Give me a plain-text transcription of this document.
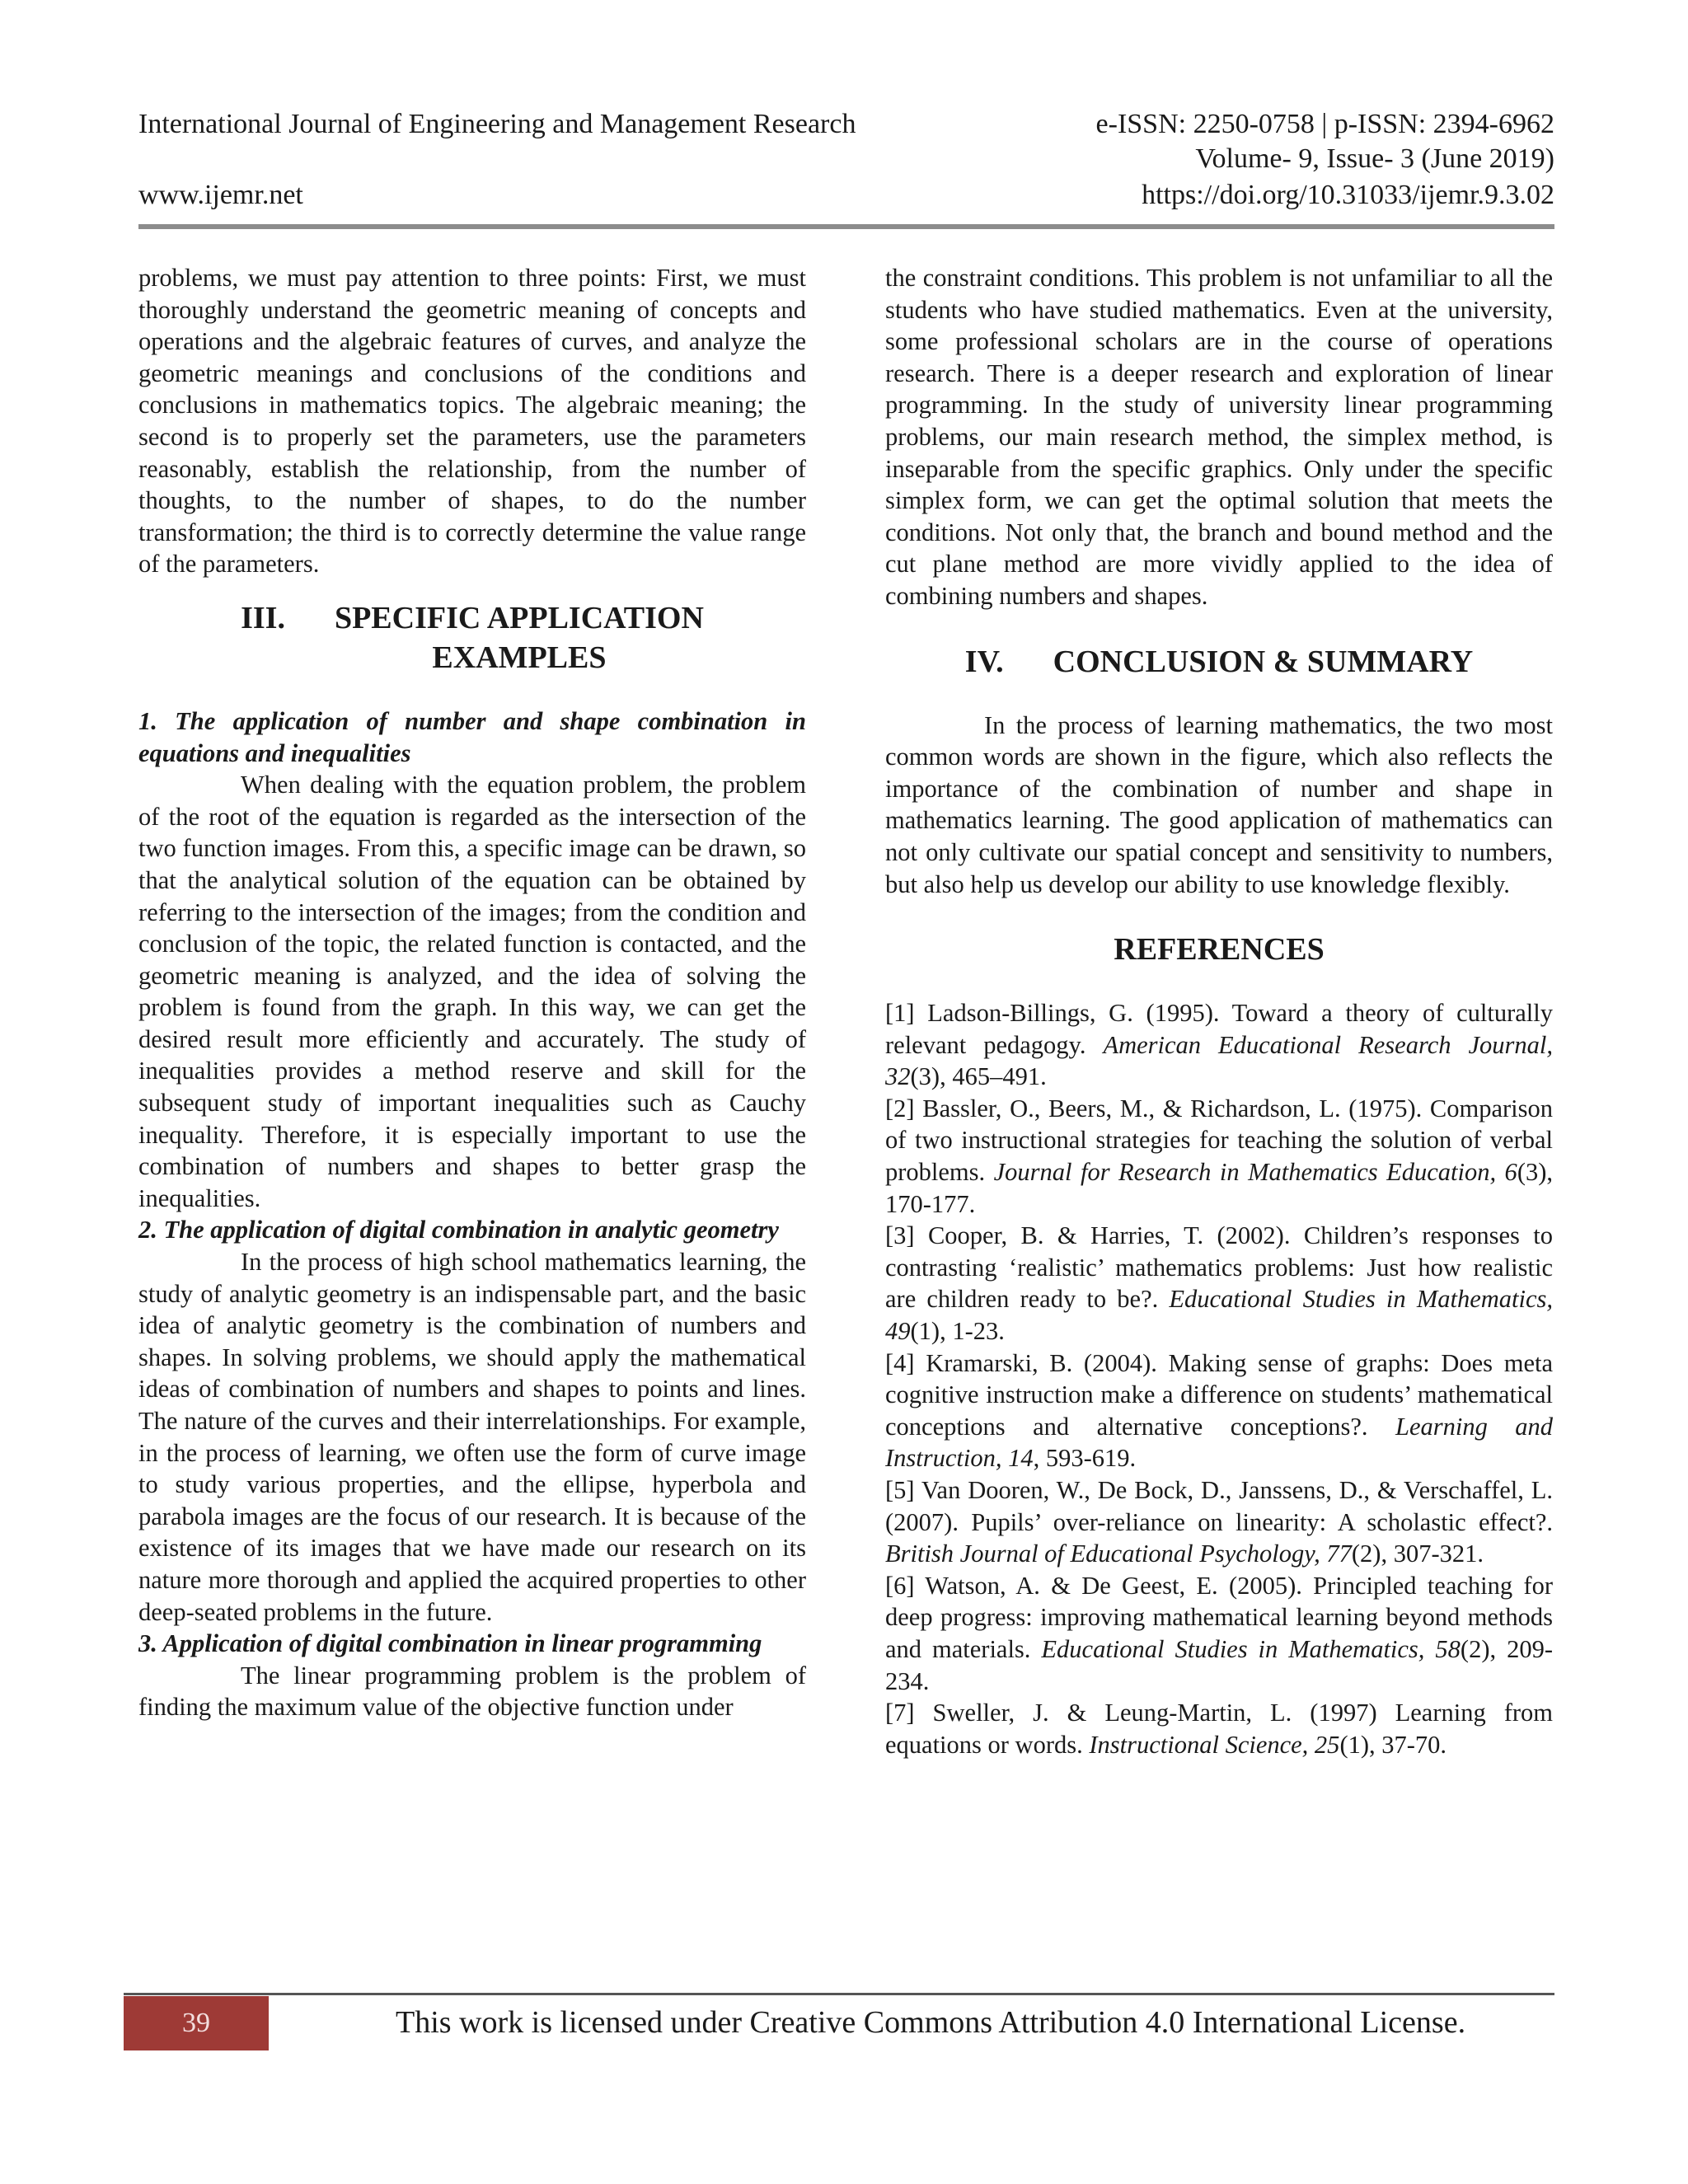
International Journal of Engineering and Management Research	e-ISSN: 2250-0758 | p-ISSN: 2394-6962
Volume- 9, Issue- 3 (June 2019)
www.ijemr.net	https://doi.org/10.31033/ijemr.9.3.02

problems, we must pay attention to three points: First, we must thoroughly understand the geometric meaning of concepts and operations and the algebraic features of curves, and analyze the geometric meanings and conclusions of the conditions and conclusions in mathematics topics. The algebraic meaning; the second is to properly set the parameters, use the parameters reasonably, establish the relationship, from the number of thoughts, to the number of shapes, to do the number transformation; the third is to correctly determine the value range of the parameters.

III. SPECIFIC APPLICATION
EXAMPLES

1. The application of number and shape combination in equations and inequalities

When dealing with the equation problem, the problem of the root of the equation is regarded as the intersection of the two function images. From this, a specific image can be drawn, so that the analytical solution of the equation can be obtained by referring to the intersection of the images; from the condition and conclusion of the topic, the related function is contacted, and the geometric meaning is analyzed, and the idea of solving the problem is found from the graph. In this way, we can get the desired result more efficiently and accurately. The study of inequalities provides a method reserve and skill for the subsequent study of important inequalities such as Cauchy inequality. Therefore, it is especially important to use the combination of numbers and shapes to better grasp the inequalities.

2. The application of digital combination in analytic geometry

In the process of high school mathematics learning, the study of analytic geometry is an indispensable part, and the basic idea of analytic geometry is the combination of numbers and shapes. In solving problems, we should apply the mathematical ideas of combination of numbers and shapes to points and lines. The nature of the curves and their interrelationships. For example, in the process of learning, we often use the form of curve image to study various properties, and the ellipse, hyperbola and parabola images are the focus of our research. It is because of the existence of its images that we have made our research on its nature more thorough and applied the acquired properties to other deep-seated problems in the future.

3. Application of digital combination in linear programming

The linear programming problem is the problem of finding the maximum value of the objective function under

the constraint conditions. This problem is not unfamiliar to all the students who have studied mathematics. Even at the university, some professional scholars are in the course of operations research. There is a deeper research and exploration of linear programming. In the study of university linear programming problems, our main research method, the simplex method, is inseparable from the specific graphics. Only under the specific simplex form, we can get the optimal solution that meets the conditions. Not only that, the branch and bound method and the cut plane method are more vividly applied to the idea of combining numbers and shapes.

IV. CONCLUSION & SUMMARY

In the process of learning mathematics, the two most common words are shown in the figure, which also reflects the importance of the combination of number and shape in mathematics learning. The good application of mathematics can not only cultivate our spatial concept and sensitivity to numbers, but also help us develop our ability to use knowledge flexibly.

REFERENCES

[1] Ladson-Billings, G. (1995). Toward a theory of culturally relevant pedagogy. American Educational Research Journal, 32(3), 465–491.

[2] Bassler, O., Beers, M., & Richardson, L. (1975). Comparison of two instructional strategies for teaching the solution of verbal problems. Journal for Research in Mathematics Education, 6(3), 170-177.

[3] Cooper, B. & Harries, T. (2002). Children’s responses to contrasting ‘realistic’ mathematics problems: Just how realistic are children ready to be?. Educational Studies in Mathematics, 49(1), 1-23.

[4] Kramarski, B. (2004). Making sense of graphs: Does meta cognitive instruction make a difference on students’ mathematical conceptions and alternative conceptions?. Learning and Instruction, 14, 593-619.

[5] Van Dooren, W., De Bock, D., Janssens, D., & Verschaffel, L. (2007). Pupils’ over-reliance on linearity: A scholastic effect?. British Journal of Educational Psychology, 77(2), 307-321.

[6] Watson, A. & De Geest, E. (2005). Principled teaching for deep progress: improving mathematical learning beyond methods and materials. Educational Studies in Mathematics, 58(2), 209-234.

[7] Sweller, J. & Leung-Martin, L. (1997) Learning from equations or words. Instructional Science, 25(1), 37-70.

39	This work is licensed under Creative Commons Attribution 4.0 International License.
